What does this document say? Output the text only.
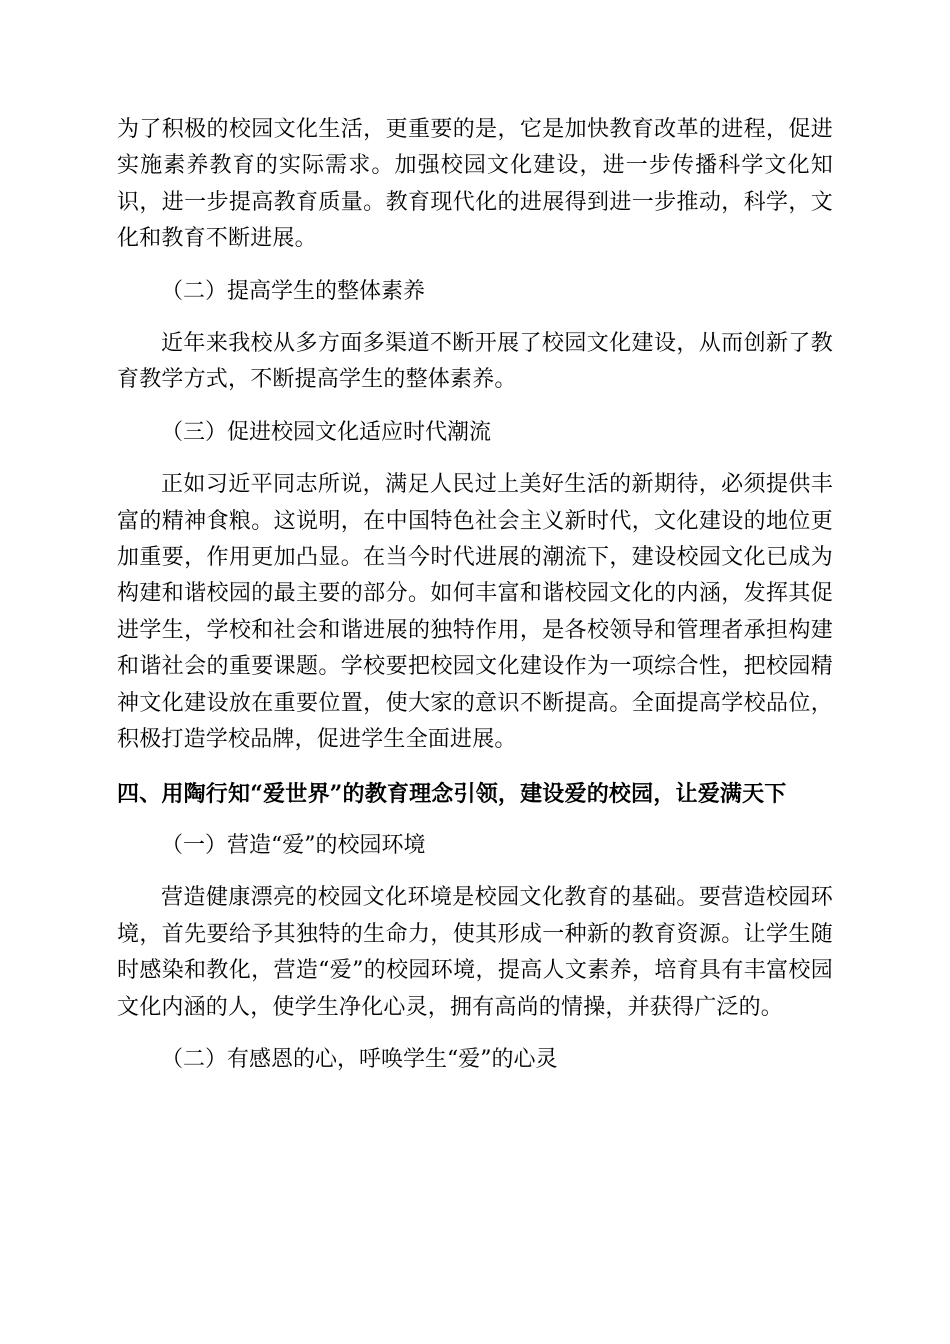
为了积极的校园文化生活，更重要的是，它是加快教育改革的进程，促进实施素养教育的实际需求。加强校园文化建设，进一步传播科学文化知识，进一步提高教育质量。教育现代化的进展得到进一步推动，科学，文化和教育不断进展。

（二）提高学生的整体素养

近年来我校从多方面多渠道不断开展了校园文化建设，从而创新了教育教学方式，不断提高学生的整体素养。

（三）促进校园文化适应时代潮流

正如习近平同志所说，满足人民过上美好生活的新期待，必须提供丰富的精神食粮。这说明，在中国特色社会主义新时代，文化建设的地位更加重要，作用更加凸显。在当今时代进展的潮流下，建设校园文化已成为构建和谐校园的最主要的部分。如何丰富和谐校园文化的内涵，发挥其促进学生，学校和社会和谐进展的独特作用，是各校领导和管理者承担构建和谐社会的重要课题。学校要把校园文化建设作为一项综合性，把校园精神文化建设放在重要位置，使大家的意识不断提高。全面提高学校品位，积极打造学校品牌，促进学生全面进展。

四、用陶行知“爱世界”的教育理念引领，建设爱的校园，让爱满天下

（一）营造“爱”的校园环境

营造健康漂亮的校园文化环境是校园文化教育的基础。要营造校园环境，首先要给予其独特的生命力，使其形成一种新的教育资源。让学生随时感染和教化，营造“爱”的校园环境，提高人文素养，培育具有丰富校园文化内涵的人，使学生净化心灵，拥有高尚的情操，并获得广泛的。

（二）有感恩的心，呼唤学生“爱”的心灵
